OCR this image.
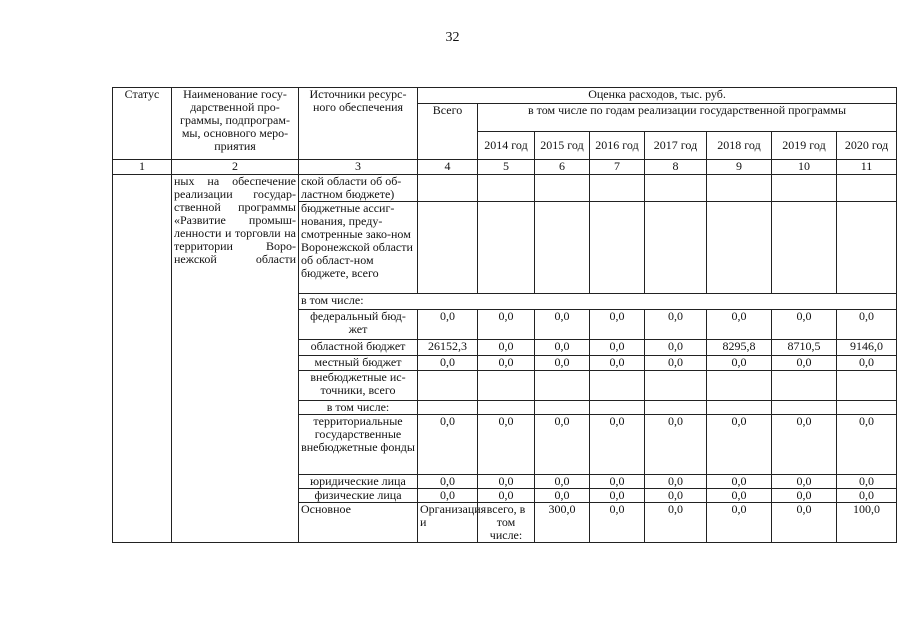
32
Статус	Наименование госу-дарственной про-граммы, подпрограм-мы, основного меро-приятия	Источники ресурс-ного обеспечения	Оценка расходов, тыс. руб.								
			Всего	в том числе по годам реализации государственной программы							
				2014 год	2015 год	2016 год	2017 год	2018 год	2019 год	2020 год	
1	2	3	4	5	6	7	8	9	10	11	
	ных на обеспечение реализации государ-ственной программы «Развитие промыш-ленности и торговли на территории Воро-нежской области	ской области об об-ластном бюджете)									
		бюджетные ассиг-нования, преду-смотренные зако-ном Воронежской области об област-ном бюджете, всего									
		в том числе:									
		федеральный бюд-жет	0,0	0,0	0,0	0,0	0,0	0,0	0,0	0,0	
		областной бюджет	26152,3	0,0	0,0	0,0	0,0	8295,8	8710,5	9146,0	
		местный бюджет	0,0	0,0	0,0	0,0	0,0	0,0	0,0	0,0	
		внебюджетные ис-точники, всего									
		в том числе:									
		территориальные государственные внебюджетные фонды	0,0	0,0	0,0	0,0	0,0	0,0	0,0	0,0	
		юридические лица	0,0	0,0	0,0	0,0	0,0	0,0	0,0	0,0	
		физические лица	0,0	0,0	0,0	0,0	0,0	0,0	0,0	0,0	
		Основное	Организация и	всего, в том числе:	300,0	0,0	0,0	0,0	0,0	100,0		
